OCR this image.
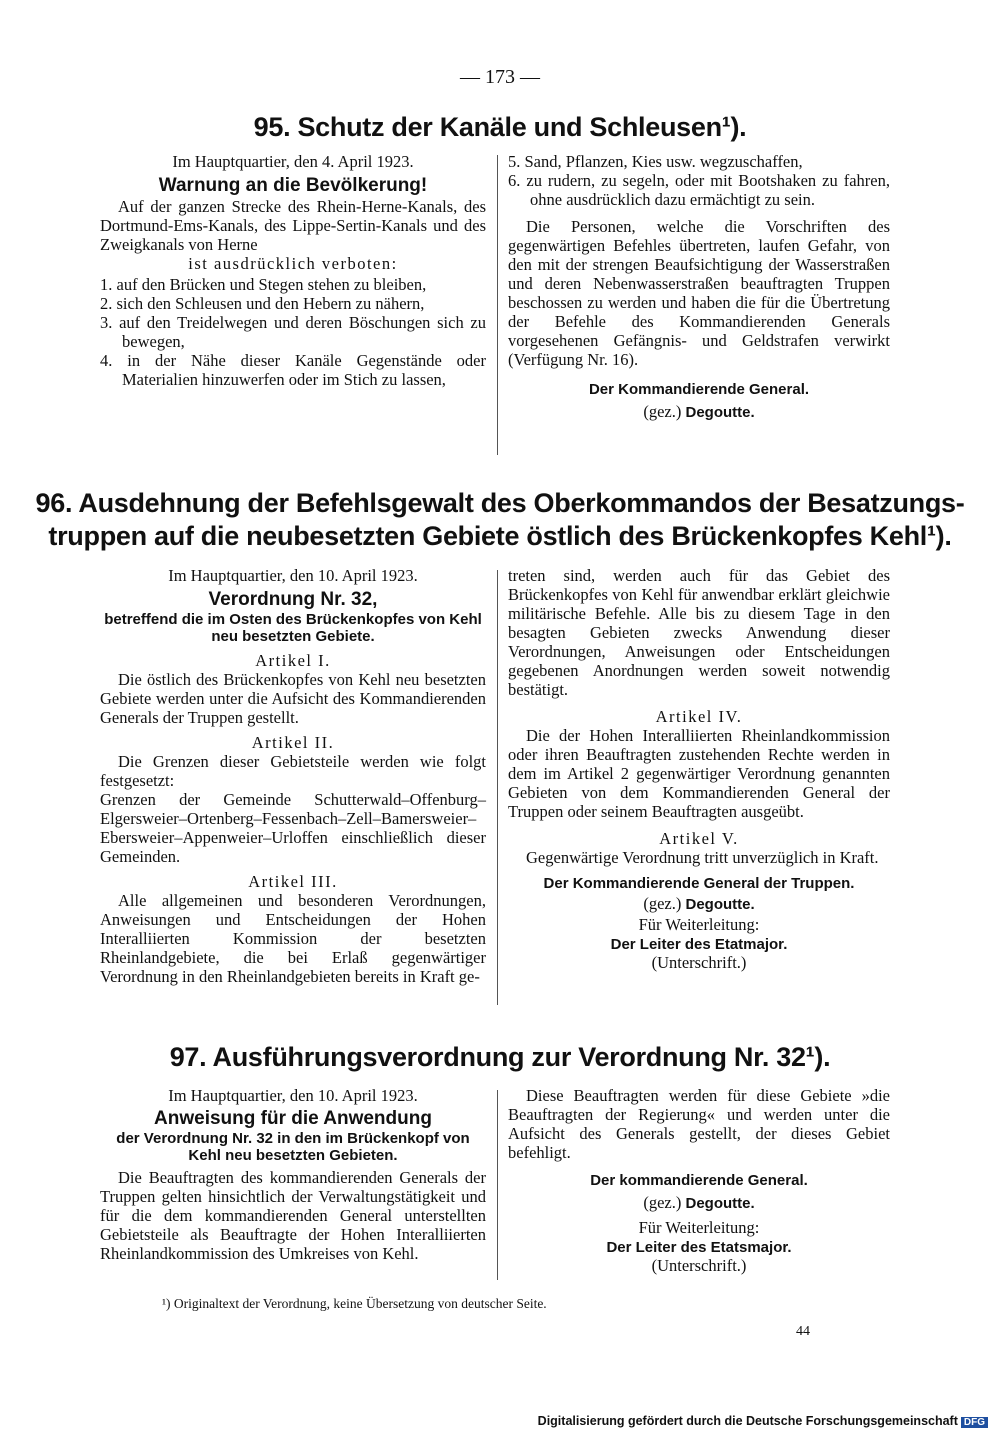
— 173 —
95. Schutz der Kanäle und Schleusen¹).

Im Hauptquartier, den 4. April 1923.

Warnung an die Bevölkerung!

Auf der ganzen Strecke des Rhein-Herne-Kanals, des Dortmund-Ems-Kanals, des Lippe-Sertin-Kanals und des Zweigkanals von Herne

ist ausdrücklich verboten:

1. auf den Brücken und Stegen stehen zu bleiben,

2. sich den Schleusen und den Hebern zu nähern,

3. auf den Treidelwegen und deren Böschungen sich zu bewegen,

4. in der Nähe dieser Kanäle Gegenstände oder Materialien hinzuwerfen oder im Stich zu lassen,

5. Sand, Pflanzen, Kies usw. wegzuschaffen,

6. zu rudern, zu segeln, oder mit Bootshaken zu fahren, ohne ausdrücklich dazu ermächtigt zu sein.

Die Personen, welche die Vorschriften des gegenwärtigen Befehles übertreten, laufen Gefahr, von den mit der strengen Beaufsichtigung der Wasserstraßen und deren Nebenwasserstraßen beauftragten Truppen beschossen zu werden und haben die für die Übertretung der Befehle des Kommandierenden Generals vorgesehenen Gefängnis- und Geldstrafen verwirkt (Verfügung Nr. 16).

Der Kommandierende General.

(gez.) Degoutte.

96. Ausdehnung der Befehlsgewalt des Oberkommandos der Besatzungs-
truppen auf die neubesetzten Gebiete östlich des Brückenkopfes Kehl¹).

Im Hauptquartier, den 10. April 1923.

Verordnung Nr. 32,

betreffend die im Osten des Brückenkopfes von Kehl neu besetzten Gebiete.

Artikel I.

Die östlich des Brückenkopfes von Kehl neu besetzten Gebiete werden unter die Aufsicht des Kommandierenden Generals der Truppen gestellt.

Artikel II.

Die Grenzen dieser Gebietsteile werden wie folgt festgesetzt:

Grenzen der Gemeinde Schutterwald–Offenburg–Elgersweier–Ortenberg–Fessenbach–Zell–Bamersweier–Ebersweier–Appenweier–Urloffen einschließlich dieser Gemeinden.

Artikel III.

Alle allgemeinen und besonderen Verordnungen, Anweisungen und Entscheidungen der Hohen Interalliierten Kommission der besetzten Rheinlandgebiete, die bei Erlaß gegenwärtiger Verordnung in den Rheinlandgebieten bereits in Kraft ge-

treten sind, werden auch für das Gebiet des Brückenkopfes von Kehl für anwendbar erklärt gleichwie militärische Befehle. Alle bis zu diesem Tage in den besagten Gebieten zwecks Anwendung dieser Verordnungen, Anweisungen oder Entscheidungen gegebenen Anordnungen werden soweit notwendig bestätigt.

Artikel IV.

Die der Hohen Interalliierten Rheinlandkommission oder ihren Beauftragten zustehenden Rechte werden in dem im Artikel 2 gegenwärtiger Verordnung genannten Gebieten von dem Kommandierenden General der Truppen oder seinem Beauftragten ausgeübt.

Artikel V.

Gegenwärtige Verordnung tritt unverzüglich in Kraft.

Der Kommandierende General der Truppen.

(gez.) Degoutte.

Für Weiterleitung:

Der Leiter des Etatmajor.

(Unterschrift.)

97. Ausführungsverordnung zur Verordnung Nr. 32¹).

Im Hauptquartier, den 10. April 1923.

Anweisung für die Anwendung

der Verordnung Nr. 32 in den im Brückenkopf von Kehl neu besetzten Gebieten.

Die Beauftragten des kommandierenden Generals der Truppen gelten hinsichtlich der Verwaltungstätigkeit und für die dem kommandierenden General unterstellten Gebietsteile als Beauftragte der Hohen Interalliierten Rheinlandkommission des Umkreises von Kehl.

Diese Beauftragten werden für diese Gebiete »die Beauftragten der Regierung« und werden unter die Aufsicht des Generals gestellt, der dieses Gebiet befehligt.

Der kommandierende General.

(gez.) Degoutte.

Für Weiterleitung:

Der Leiter des Etatsmajor.

(Unterschrift.)

¹) Originaltext der Verordnung, keine Übersetzung von deutscher Seite.
44
Digitalisierung gefördert durch die Deutsche Forschungsgemeinschaft DFG
